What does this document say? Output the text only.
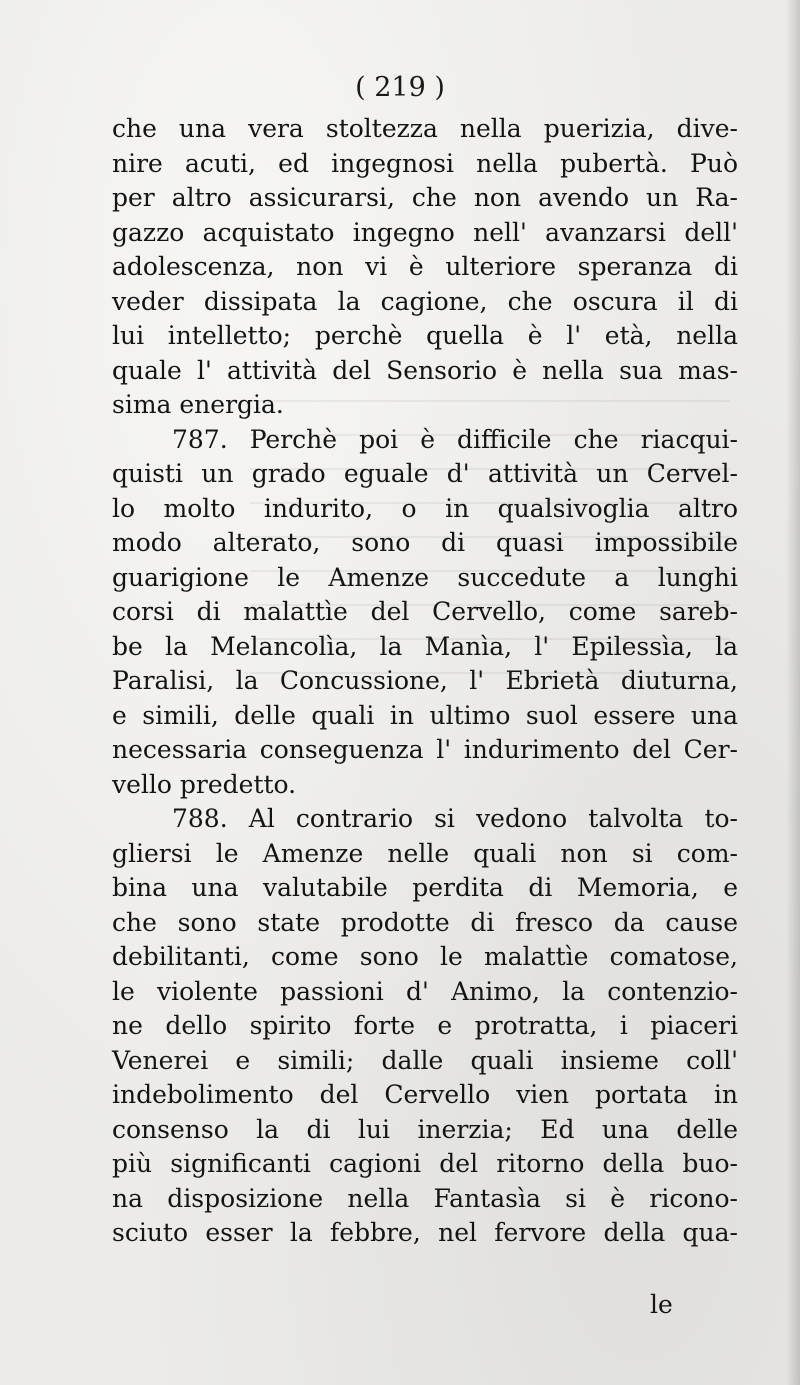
( 219 )
che una vera stoltezza nella puerizia, dive-
nire acuti, ed ingegnosi nella pubertà. Può
per altro assicurarsi, che non avendo un Ra-
gazzo acquistato ingegno nell' avanzarsi dell'
adolescenza, non vi è ulteriore speranza di
veder dissipata la cagione, che oscura il di
lui intelletto; perchè quella è l' età, nella
quale l' attività del Sensorio è nella sua mas-
sima energia.
787. Perchè poi è difficile che riacqui-
quisti un grado eguale d' attività un Cervel-
lo molto indurito, o in qualsivoglia altro
modo alterato, sono di quasi impossibile
guarigione le Amenze succedute a lunghi
corsi di malattìe del Cervello, come sareb-
be la Melancolìa, la Manìa, l' Epilessìa, la
Paralisi, la Concussione, l' Ebrietà diuturna,
e simili, delle quali in ultimo suol essere una
necessaria conseguenza l' indurimento del Cer-
vello predetto.
788. Al contrario si vedono talvolta to-
gliersi le Amenze nelle quali non si com-
bina una valutabile perdita di Memoria, e
che sono state prodotte di fresco da cause
debilitanti, come sono le malattìe comatose,
le violente passioni d' Animo, la contenzio-
ne dello spirito forte e protratta, i piaceri
Venerei e simili; dalle quali insieme coll'
indebolimento del Cervello vien portata in
consenso la di lui inerzia; Ed una delle
più significanti cagioni del ritorno della buo-
na disposizione nella Fantasìa si è ricono-
sciuto esser la febbre, nel fervore della qua-
le
